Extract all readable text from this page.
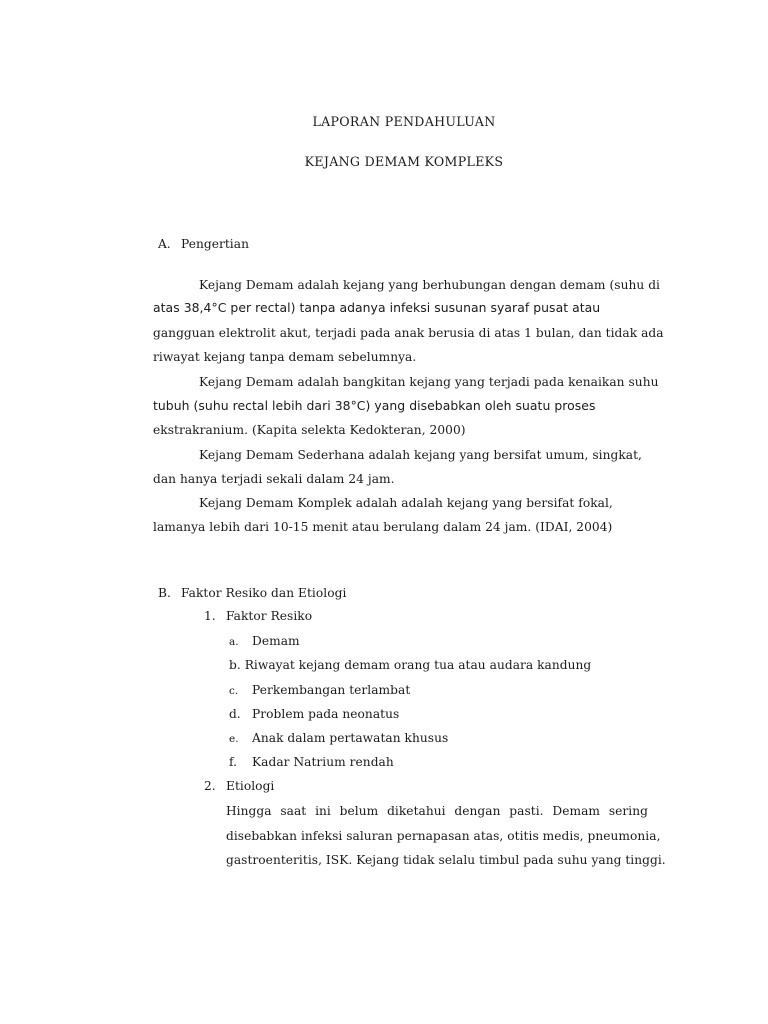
LAPORAN PENDAHULUAN
KEJANG DEMAM KOMPLEKS
A. Pengertian
Kejang Demam adalah kejang yang berhubungan dengan demam (suhu di
atas 38,4°C per rectal) tanpa adanya infeksi susunan syaraf pusat atau
gangguan elektrolit akut, terjadi pada anak berusia di atas 1 bulan, dan tidak ada
riwayat kejang tanpa demam sebelumnya.
Kejang Demam adalah bangkitan kejang yang terjadi pada kenaikan suhu
tubuh (suhu rectal lebih dari 38°C) yang disebabkan oleh suatu proses
ekstrakranium. (Kapita selekta Kedokteran, 2000)
Kejang Demam Sederhana adalah kejang yang bersifat umum, singkat,
dan hanya terjadi sekali dalam 24 jam.
Kejang Demam Komplek adalah adalah kejang yang bersifat fokal,
lamanya lebih dari 10-15 menit atau berulang dalam 24 jam. (IDAI, 2004)
B. Faktor Resiko dan Etiologi
1. Faktor Resiko
a. Demam
b. Riwayat kejang demam orang tua atau audara kandung
c. Perkembangan terlambat
d. Problem pada neonatus
e. Anak dalam pertawatan khusus
f. Kadar Natrium rendah
2. Etiologi
Hingga saat ini belum diketahui dengan pasti. Demam sering
disebabkan infeksi saluran pernapasan atas, otitis medis, pneumonia,
gastroenteritis, ISK. Kejang tidak selalu timbul pada suhu yang tinggi.
